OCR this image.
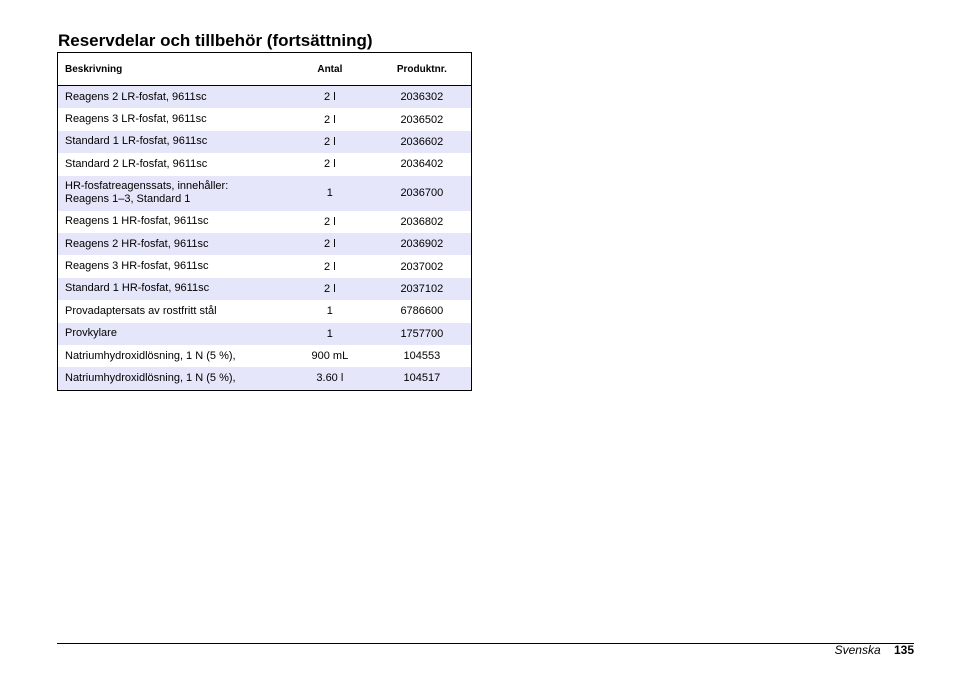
Reservdelar och tillbehör (fortsättning)
Beskrivning	Antal	Produktnr.

Reagens 2 LR-fosfat, 9611sc	2 l	2036302

Reagens 3 LR-fosfat, 9611sc	2 l	2036502

Standard 1 LR-fosfat, 9611sc	2 l	2036602

Standard 2 LR-fosfat, 9611sc	2 l	2036402

HR-fosfatreagenssats, innehåller:
Reagens 1–3, Standard 1	1	2036700

Reagens 1 HR-fosfat, 9611sc	2 l	2036802

Reagens 2 HR-fosfat, 9611sc	2 l	2036902

Reagens 3 HR-fosfat, 9611sc	2 l	2037002

Standard 1 HR-fosfat, 9611sc	2 l	2037102

Provadaptersats av rostfritt stål	1	6786600

Provkylare	1	1757700

Natriumhydroxidlösning, 1 N (5 %),	900 mL	104553

Natriumhydroxidlösning, 1 N (5 %),	3.60 l	104517
Svenska 135
